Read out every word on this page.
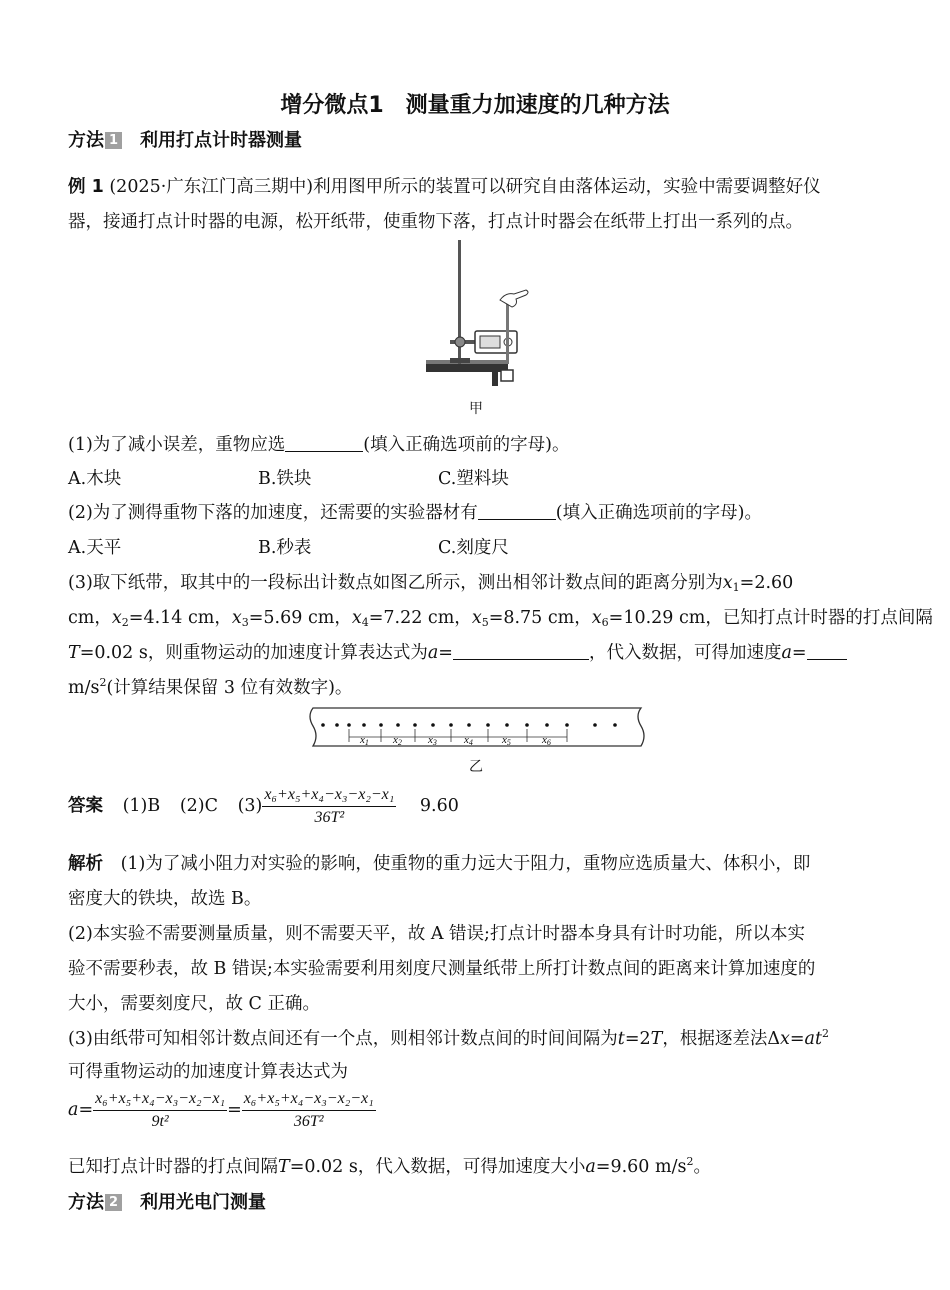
增分微点1　测量重力加速度的几种方法
方法 1 利用打点计时器测量
例 1 (2025·广东江门高三期中)利用图甲所示的装置可以研究自由落体运动，实验中需要调整好仪
器，接通打点计时器的电源，松开纸带，使重物下落，打点计时器会在纸带上打出一系列的点。
甲
(1)为了减小误差，重物应选	(填入正确选项前的字母)。
A.木块	B.铁块	C.塑料块
(2)为了测得重物下落的加速度，还需要的实验器材有	(填入正确选项前的字母)。
A.天平	B.秒表	C.刻度尺
(3)取下纸带，取其中的一段标出计数点如图乙所示，测出相邻计数点间的距离分别为$x_1=2.60$
cm，$x_2=4.14$ cm，$x_3=5.69$ cm，$x_4=7.22$ cm，$x_5=8.75$ cm，$x_6=10.29$ cm，已知打点计时器的打点间隔
T=0.02 s，则重物运动的加速度计算表达式为a=	，代入数据，可得加速度a=
$m/s^2$(计算结果保留 3 位有效数字)。
x1 x2 x3 x4	x5	x6
乙
答案 (1)B (2)C $(3) \frac{\text{x₆+x₅+x₄−x₃−x₂−x₁}}{\text{36T²}} 9.60$
解析 (1)为了减小阻力对实验的影响，使重物的重力远大于阻力，重物应选质量大、体积小，即
密度大的铁块，故选 B。
(2)本实验不需要测量质量，则不需要天平，故 A 错误;打点计时器本身具有计时功能，所以本实
验不需要秒表，故 B 错误;本实验需要利用刻度尺测量纸带上所打计数点间的距离来计算加速度的
大小，需要刻度尺，故 C 正确。
(3)由纸带可知相邻计数点间还有一个点，则相邻计数点间的时间间隔为t=2T，根据逐差法$\Delta x=at^2$
可得重物运动的加速度计算表达式为
$a= \frac{\text{x₆+x₅+x₄−x₃−x₂−x₁}}{\text{9t²}} = \frac{\text{x₆+x₅+x₄−x₃−x₂−x₁}}{\text{36T²}}$
已知打点计时器的打点间隔T=0.02 s，代入数据，可得加速度大小a=9.60 $m/s^2$。
方法 2 利用光电门测量
